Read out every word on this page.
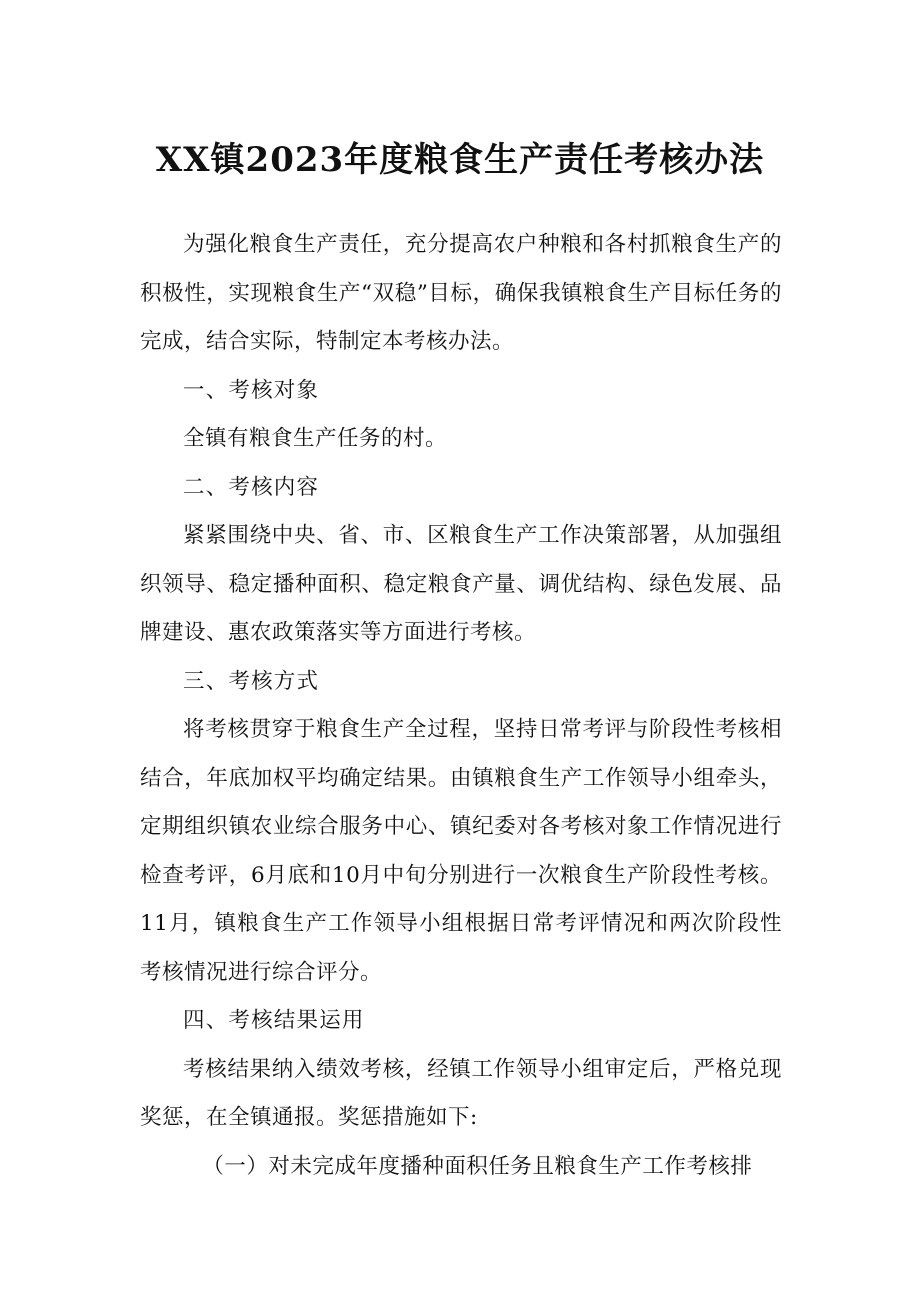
XX镇2023年度粮食生产责任考核办法

为强化粮食生产责任，充分提高农户种粮和各村抓粮食生产的积极性，实现粮食生产“双稳”目标，确保我镇粮食生产目标任务的完成，结合实际，特制定本考核办法。

一、考核对象

全镇有粮食生产任务的村。

二、考核内容

紧紧围绕中央、省、市、区粮食生产工作决策部署，从加强组织领导、稳定播种面积、稳定粮食产量、调优结构、绿色发展、品牌建设、惠农政策落实等方面进行考核。

三、考核方式

将考核贯穿于粮食生产全过程，坚持日常考评与阶段性考核相结合，年底加权平均确定结果。由镇粮食生产工作领导小组牵头，定期组织镇农业综合服务中心、镇纪委对各考核对象工作情况进行检查考评，6月底和10月中旬分别进行一次粮食生产阶段性考核。11月，镇粮食生产工作领导小组根据日常考评情况和两次阶段性考核情况进行综合评分。

四、考核结果运用

考核结果纳入绩效考核，经镇工作领导小组审定后，严格兑现奖惩，在全镇通报。奖惩措施如下:

（一）对未完成年度播种面积任务且粮食生产工作考核排
